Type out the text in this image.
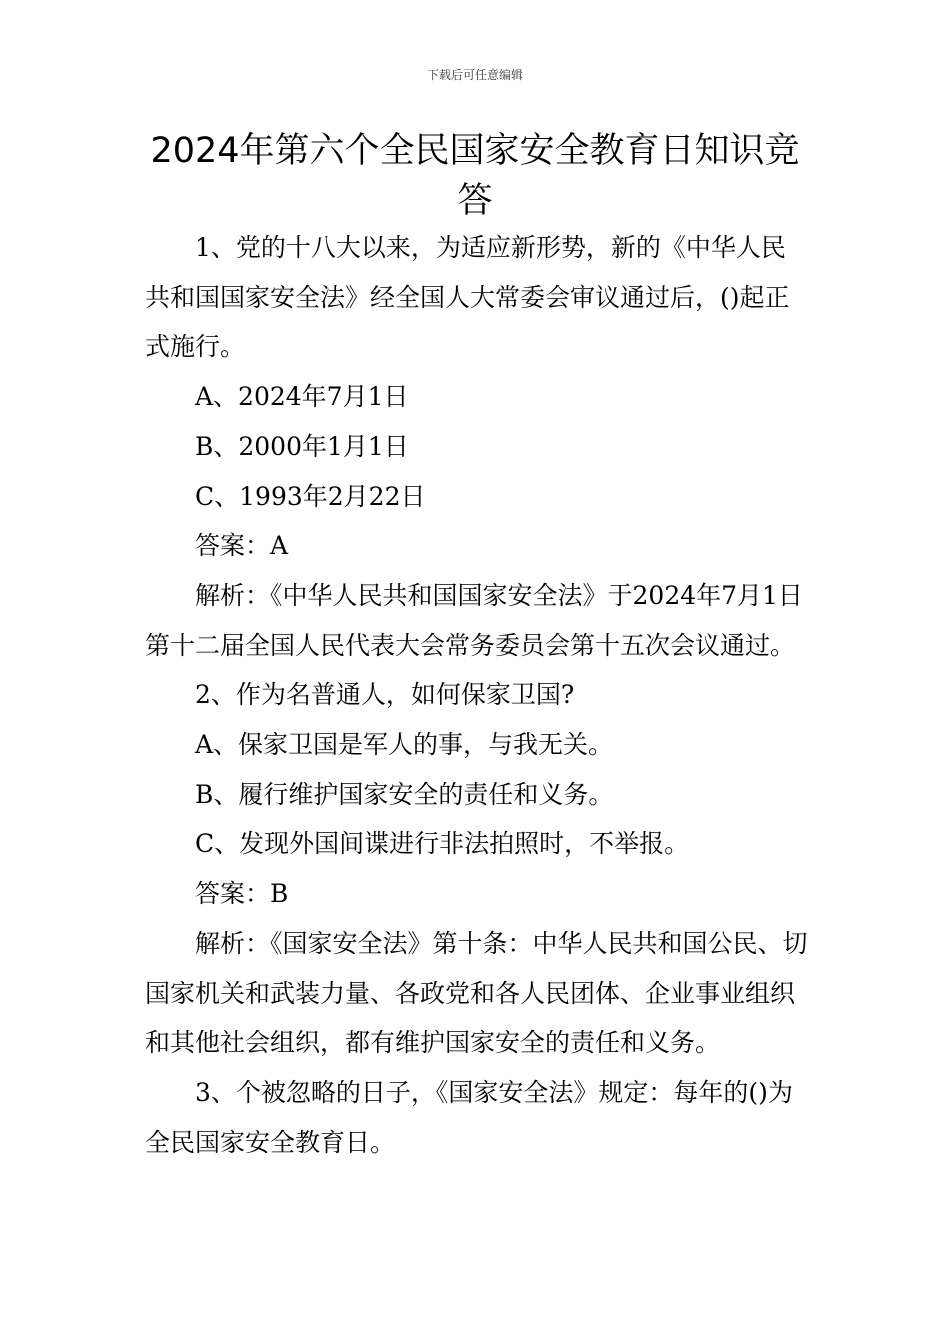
下载后可任意编辑
2024年第六个全民国家安全教育日知识竞答

1、党的十八大以来，为适应新形势，新的《中华人民共和国国家安全法》经全国人大常委会审议通过后，()起正式施行。

A、2024年7月1日

B、2000年1月1日

C、1993年2月22日

答案：A

解析：《中华人民共和国国家安全法》于2024年7月1日第十二届全国人民代表大会常务委员会第十五次会议通过。

2、作为名普通人，如何保家卫国?

A、保家卫国是军人的事，与我无关。

B、履行维护国家安全的责任和义务。

C、发现外国间谍进行非法拍照时，不举报。

答案：B

解析：《国家安全法》第十条：中华人民共和国公民、切国家机关和武装力量、各政党和各人民团体、企业事业组织和其他社会组织，都有维护国家安全的责任和义务。

3、个被忽略的日子，《国家安全法》规定：每年的()为全民国家安全教育日。
